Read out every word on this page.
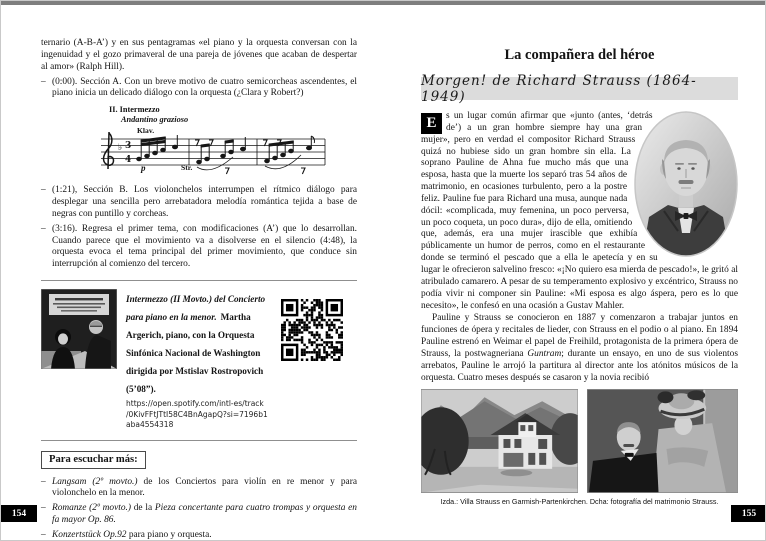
ternario (A-B-A’) y en sus pentagramas «el piano y la orquesta conversan con la ingenuidad y el gozo primaveral de una pareja de jóvenes que acaban de despertar al amor» (Ralph Hill).

– (0:00). Sección A. Con un breve motivo de cuatro semicorcheas ascendentes, el piano inicia un delicado diálogo con la orquesta (¿Clara y Robert?)
II. Intermezzo
Andantino grazioso
Klav.
p	Str.
♭ 3
4
– (1:21), Sección B. Los violonchelos interrumpen el rítmico diálogo para desplegar una sencilla pero arrebatadora melodía romántica tejida a base de negras con puntillo y corcheas.
– (3:16). Regresa el primer tema, con modificaciones (A’) que lo desarrollan. Cuando parece que el movimiento va a disolverse en el silencio (4:48), la orquesta evoca el tema principal del primer movimiento, que conduce sin interrupción al comienzo del tercero.
Intermezzo (II Movto.) del Concierto para piano en la menor. Martha Argerich, piano, con la Orquesta Sinfónica Nacional de Washington dirigida por Mstislav Rostropovich (5’08”).
https://open.spotify.com/intl-es/track
/0KivFFtJTtI58C4BnAgapQ?si=7196b1
aba4554318
Para escuchar más:
– Langsam (2º movto.) de los Conciertos para violín en re menor y para violonchelo en la menor.
– Romanze (2º movto.) de la Pieza concertante para cuatro trompas y orquesta en fa mayor Op. 86.
– Konzertstück Op.92 para piano y orquesta.
La compañera del héroe
Morgen! de Richard Strauss (1864-1949)
E	s un lugar común afirmar que «junto (antes, ‘detrás de’) a un gran hombre siempre hay una gran mujer», pero en verdad el compositor Richard Strauss quizá no hubiese sido un gran hombre sin ella. La soprano Pauline de Ahna fue mucho más que una esposa, hasta que la muerte los separó tras 54 años de matrimonio, en ocasiones turbulento, pero a la postre feliz. Pauline fue para Richard una musa, aunque nada dócil: «complicada, muy femenina, un poco perversa, un poco coqueta, un poco dura», dijo de ella, omitiendo que, además, era una mujer irascible que exhibía públicamente un humor de perros, como en el restaurante donde se terminó el pescado que a ella le apetecía y en su lugar le ofrecieron salvelino fresco: «¡No quiero esa mierda de pescado!», le gritó al atribulado camarero. A pesar de su temperamento explosivo y excéntrico, Strauss no podía vivir ni componer sin Pauline: «Mi esposa es algo áspera, pero es lo que necesito», le confesó en una ocasión a Gustav Mahler.

Pauline y Strauss se conocieron en 1887 y comenzaron a trabajar juntos en funciones de ópera y recitales de lieder, con Strauss en el podio o al piano. En 1894 Pauline estrenó en Weimar el papel de Freihild, protagonista de la primera ópera de Strauss, la postwagneriana Guntram; durante un ensayo, en uno de sus violentos arrebatos, Pauline le arrojó la partitura al director ante los atónitos músicos de la orquesta. Cuatro meses después se casaron y la novia recibió

Izda.: Villa Strauss en Garmish-Partenkirchen. Dcha: fotografía del matrimonio Strauss.
154	155
